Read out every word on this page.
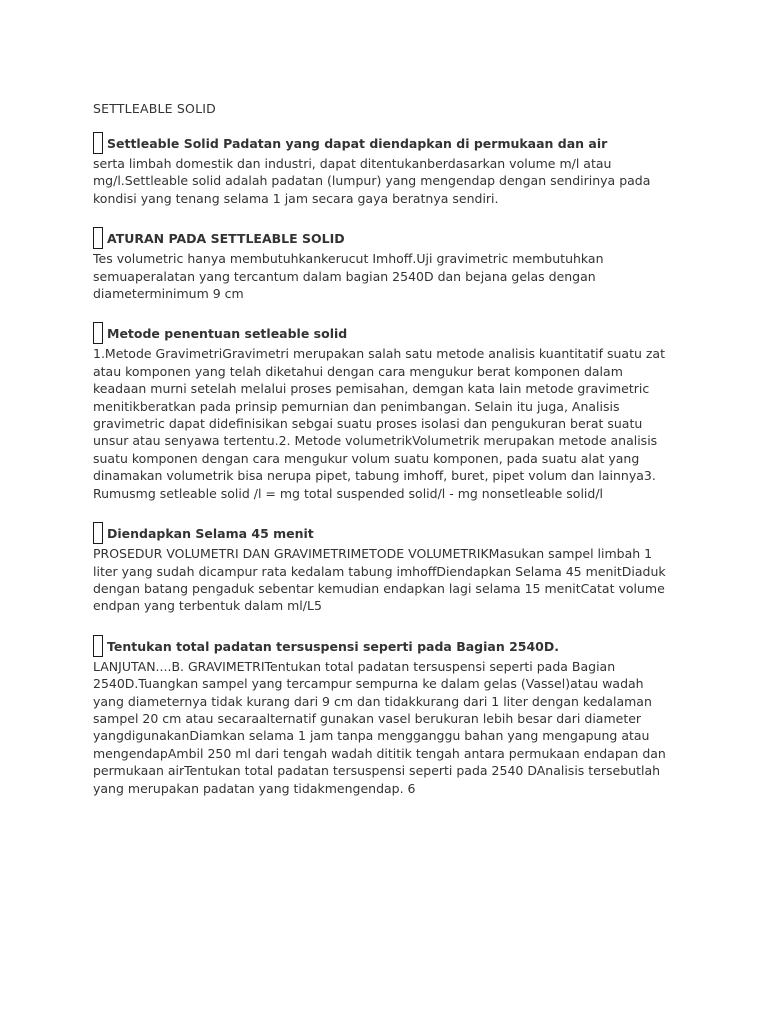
SETTLEABLE SOLID
Settleable Solid Padatan yang dapat diendapkan di permukaan dan air

serta limbah domestik dan industri, dapat ditentukanberdasarkan volume m/l atau
mg/l.Settleable solid adalah padatan (lumpur) yang mengendap dengan sendirinya pada
kondisi yang tenang selama 1 jam secara gaya beratnya sendiri.

ATURAN PADA SETTLEABLE SOLID

Tes volumetric hanya membutuhkankerucut Imhoff.Uji gravimetric membutuhkan
semuaperalatan yang tercantum dalam bagian 2540D dan bejana gelas dengan
diameterminimum 9 cm

Metode penentuan setleable solid

1.Metode GravimetriGravimetri merupakan salah satu metode analisis kuantitatif suatu zat
atau komponen yang telah diketahui dengan cara mengukur berat komponen dalam
keadaan murni setelah melalui proses pemisahan, demgan kata lain metode gravimetric
menitikberatkan pada prinsip pemurnian dan penimbangan. Selain itu juga, Analisis
gravimetric dapat didefinisikan sebgai suatu proses isolasi dan pengukuran berat suatu
unsur atau senyawa tertentu.2. Metode volumetrikVolumetrik merupakan metode analisis
suatu komponen dengan cara mengukur volum suatu komponen, pada suatu alat yang
dinamakan volumetrik bisa nerupa pipet, tabung imhoff, buret, pipet volum dan lainnya3.
Rumusmg setleable solid /l = mg total suspended solid/l - mg nonsetleable solid/l

Diendapkan Selama 45 menit

PROSEDUR VOLUMETRI DAN GRAVIMETRIMETODE VOLUMETRIKMasukan sampel limbah 1
liter yang sudah dicampur rata kedalam tabung imhoffDiendapkan Selama 45 menitDiaduk
dengan batang pengaduk sebentar kemudian endapkan lagi selama 15 menitCatat volume
endpan yang terbentuk dalam ml/L5

Tentukan total padatan tersuspensi seperti pada Bagian 2540D.

LANJUTAN....B. GRAVIMETRITentukan total padatan tersuspensi seperti pada Bagian
2540D.Tuangkan sampel yang tercampur sempurna ke dalam gelas (Vassel)atau wadah
yang diameternya tidak kurang dari 9 cm dan tidakkurang dari 1 liter dengan kedalaman
sampel 20 cm atau secaraalternatif gunakan vasel berukuran lebih besar dari diameter
yangdigunakanDiamkan selama 1 jam tanpa mengganggu bahan yang mengapung atau
mengendapAmbil 250 ml dari tengah wadah dititik tengah antara permukaan endapan dan
permukaan airTentukan total padatan tersuspensi seperti pada 2540 DAnalisis tersebutlah
yang merupakan padatan yang tidakmengendap. 6
